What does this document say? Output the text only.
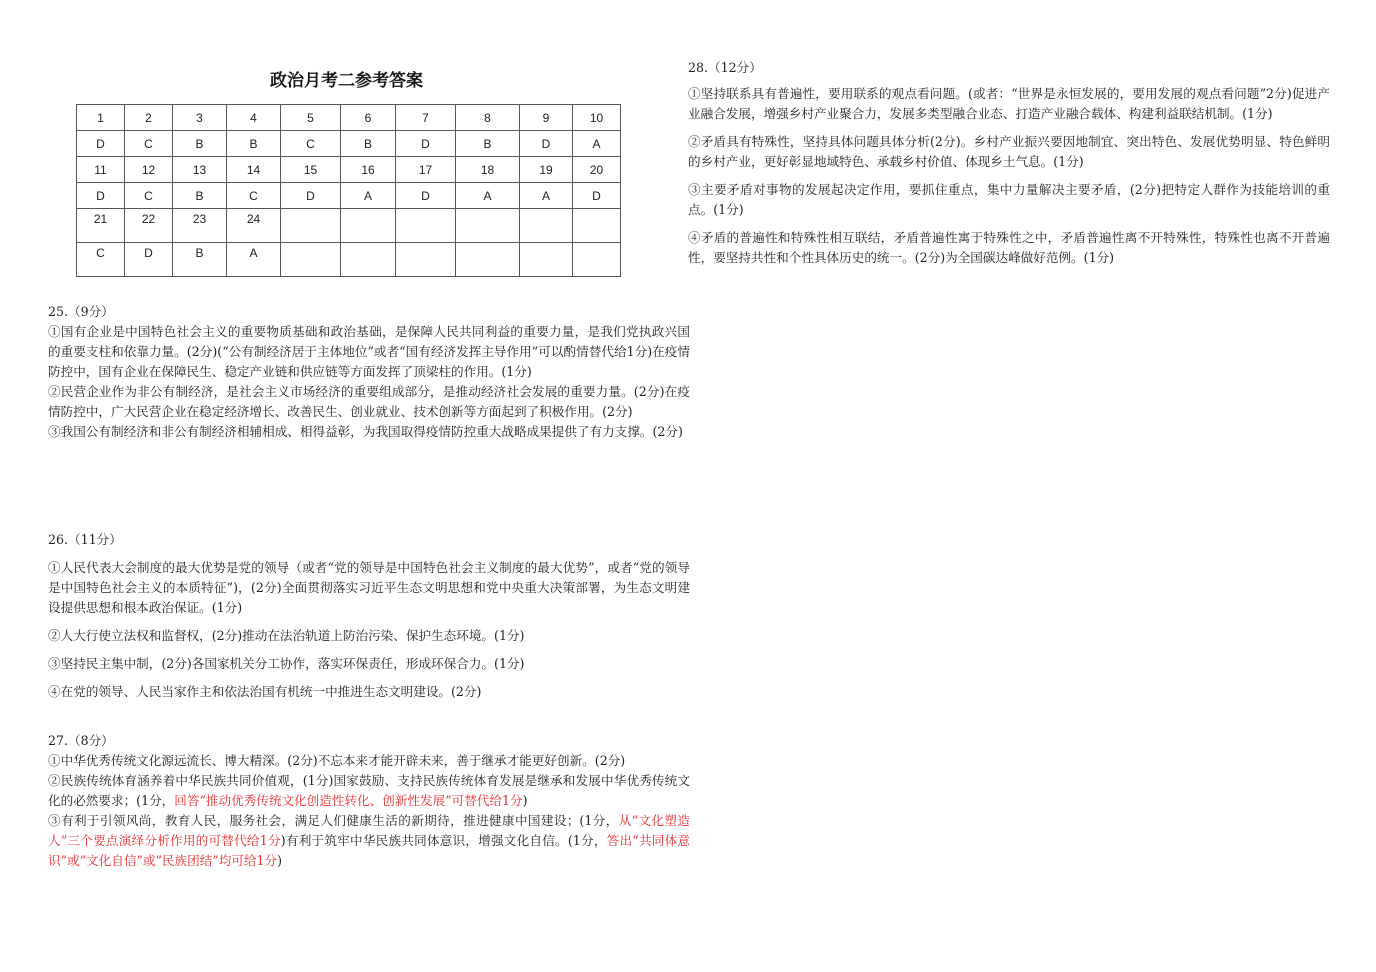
政治月考二参考答案
1	2	3	4	5	6	7	8	9	10
D	C	B	B	C	B	D	B	D	A
11	12	13	14	15	16	17	18	19	20
D	C	B	C	D	A	D	A	A	D
21	22	23	24						
C	D	B	A						

25.（9分）

①国有企业是中国特色社会主义的重要物质基础和政治基础，是保障人民共同利益的重要力量，是我们党执政兴国的重要支柱和依靠力量。(2分)(“公有制经济居于主体地位”或者“国有经济发挥主导作用”可以酌情替代给1分)在疫情防控中，国有企业在保障民生、稳定产业链和供应链等方面发挥了顶梁柱的作用。(1分)

②民营企业作为非公有制经济，是社会主义市场经济的重要组成部分，是推动经济社会发展的重要力量。(2分)在疫情防控中，广大民营企业在稳定经济增长、改善民生、创业就业、技术创新等方面起到了积极作用。(2分)

③我国公有制经济和非公有制经济相辅相成、相得益彰，为我国取得疫情防控重大战略成果提供了有力支撑。(2分)

26.（11分）

①人民代表大会制度的最大优势是党的领导（或者“党的领导是中国特色社会主义制度的最大优势”，或者“党的领导是中国特色社会主义的本质特征”)，(2分)全面贯彻落实习近平生态文明思想和党中央重大决策部署，为生态文明建设提供思想和根本政治保证。(1分)

②人大行使立法权和监督权，(2分)推动在法治轨道上防治污染、保护生态环境。(1分)

③坚持民主集中制，(2分)各国家机关分工协作，落实环保责任，形成环保合力。(1分)

④在党的领导、人民当家作主和依法治国有机统一中推进生态文明建设。(2分)

27.（8分）

①中华优秀传统文化源远流长、博大精深。(2分)不忘本来才能开辟未来，善于继承才能更好创新。(2分)

②民族传统体育涵养着中华民族共同价值观，(1分)国家鼓励、支持民族传统体育发展是继承和发展中华优秀传统文化的必然要求；(1分，回答“推动优秀传统文化创造性转化、创新性发展”可替代给1分)

③有利于引领风尚，教育人民，服务社会，满足人们健康生活的新期待，推进健康中国建设；(1分，从“文化塑造人”三个要点演绎分析作用的可替代给1分)有利于筑牢中华民族共同体意识，增强文化自信。(1分，答出“共同体意识”或“文化自信”或“民族团结”均可给1分)

28.（12分）

①坚持联系具有普遍性，要用联系的观点看问题。(或者：“世界是永恒发展的，要用发展的观点看问题”2分)促进产业融合发展，增强乡村产业聚合力，发展多类型融合业态、打造产业融合载体、构建利益联结机制。(1分)

②矛盾具有特殊性，坚持具体问题具体分析(2分)。乡村产业振兴要因地制宜、突出特色、发展优势明显、特色鲜明的乡村产业，更好彰显地域特色、承载乡村价值、体现乡土气息。(1分)

③主要矛盾对事物的发展起决定作用，要抓住重点，集中力量解决主要矛盾，(2分)把特定人群作为技能培训的重点。(1分)

④矛盾的普遍性和特殊性相互联结，矛盾普遍性寓于特殊性之中，矛盾普遍性离不开特殊性，特殊性也离不开普遍性，要坚持共性和个性具体历史的统一。(2分)为全国碳达峰做好范例。(1分)
